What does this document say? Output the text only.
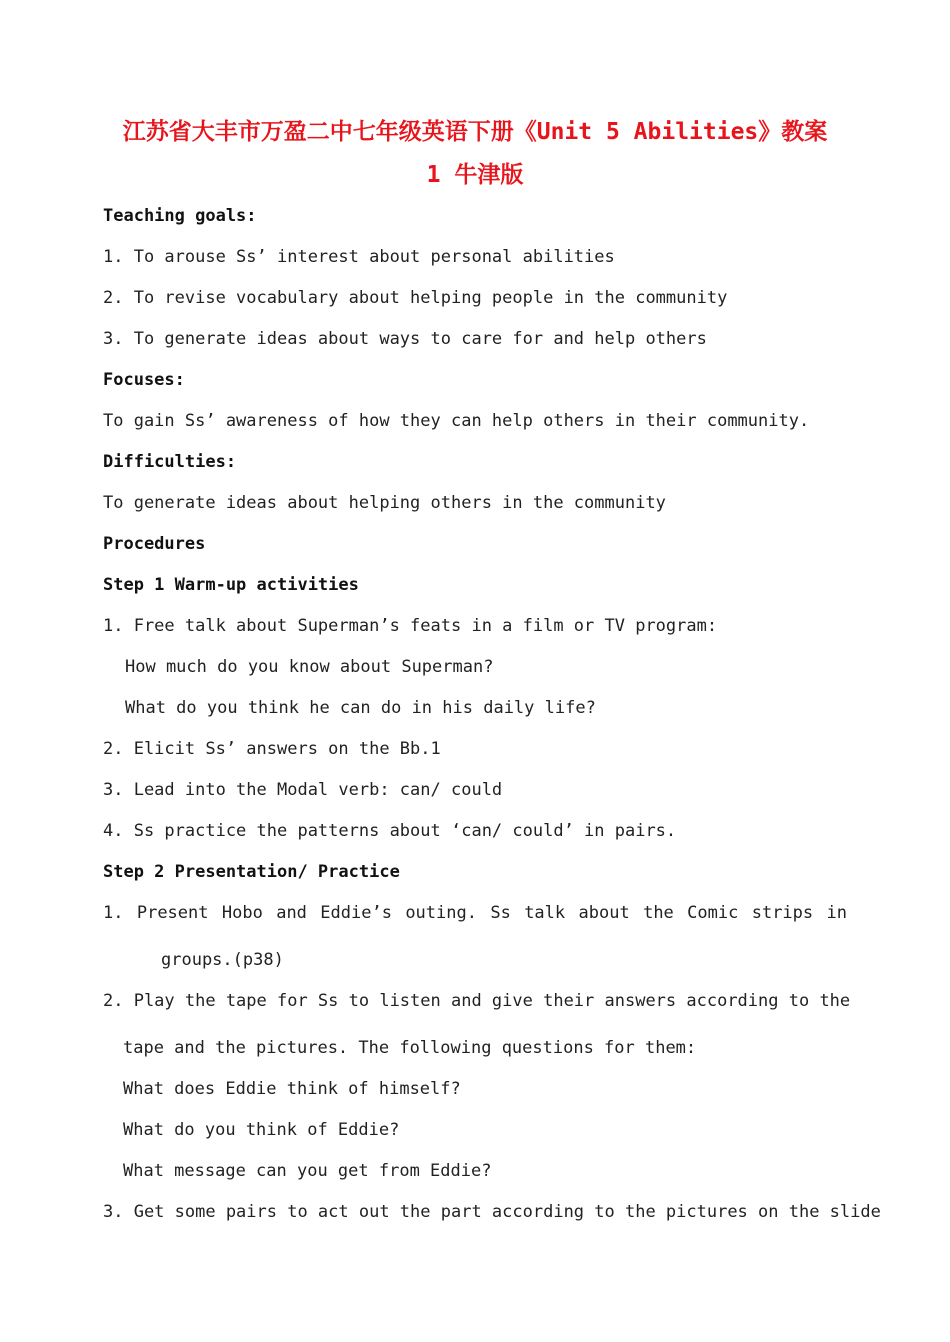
江苏省大丰市万盈二中七年级英语下册《Unit 5 Abilities》教案
1 牛津版
Teaching goals:
1. To arouse Ss’ interest about personal abilities
2. To revise vocabulary about helping people in the community
3. To generate ideas about ways to care for and help others
Focuses:
To gain Ss’ awareness of how they can help others in their community.
Difficulties:
To generate ideas about helping others in the community
Procedures
Step 1 Warm-up activities
1. Free talk about Superman’s feats in a film or TV program:
How much do you know about Superman?
What do you think he can do in his daily life?
2. Elicit Ss’ answers on the Bb.1
3. Lead into the Modal verb: can/ could
4. Ss practice the patterns about ‘can/ could’ in pairs.
Step 2 Presentation/ Practice
1. Present Hobo and Eddie’s outing. Ss talk about the Comic strips in
groups.(p38)
2. Play the tape for Ss to listen and give their answers according to the
tape and the pictures. The following questions for them:
What does Eddie think of himself?
What do you think of Eddie?
What message can you get from Eddie?
3. Get some pairs to act out the part according to the pictures on the slide
